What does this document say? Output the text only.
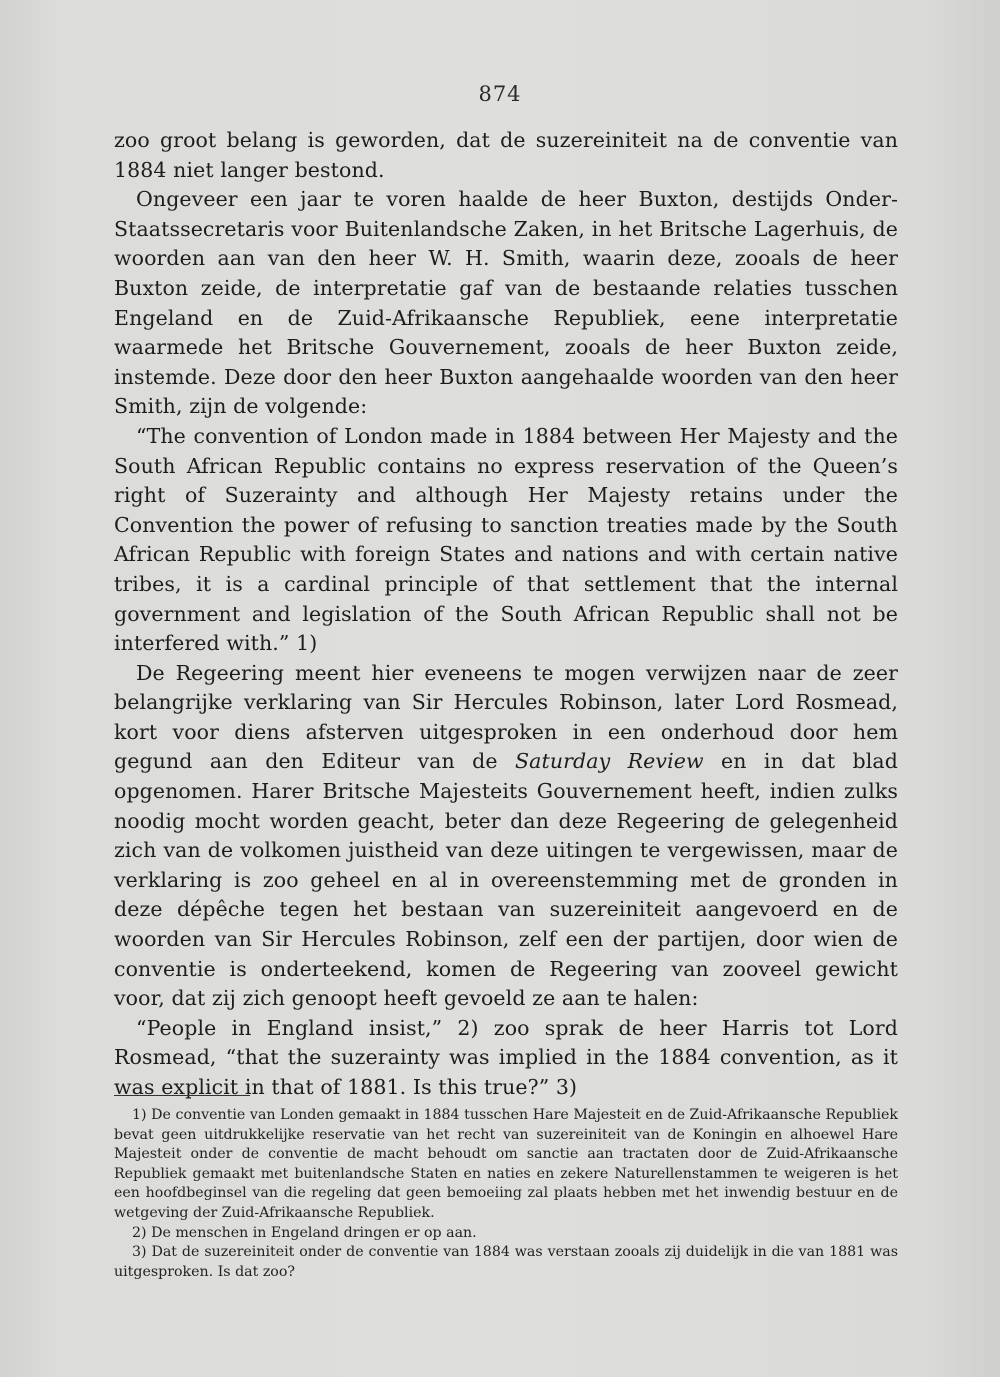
874

zoo groot belang is geworden, dat de suzereiniteit na de conventie van 1884 niet langer bestond.

Ongeveer een jaar te voren haalde de heer Buxton, destijds Onder-Staatssecretaris voor Buitenlandsche Zaken, in het Britsche Lagerhuis, de woorden aan van den heer W. H. Smith, waarin deze, zooals de heer Buxton zeide, de interpretatie gaf van de bestaande relaties tusschen Engeland en de Zuid-Afrikaansche Republiek, eene interpretatie waarmede het Britsche Gouvernement, zooals de heer Buxton zeide, instemde. Deze door den heer Buxton aangehaalde woorden van den heer Smith, zijn de volgende:

“The convention of London made in 1884 between Her Majesty and the South African Republic contains no express reservation of the Queen’s right of Suzerainty and although Her Majesty retains under the Convention the power of refusing to sanction treaties made by the South African Republic with foreign States and nations and with certain native tribes, it is a cardinal principle of that settlement that the internal government and legislation of the South African Republic shall not be interfered with.” 1)

De Regeering meent hier eveneens te mogen verwijzen naar de zeer belangrijke verklaring van Sir Hercules Robinson, later Lord Rosmead, kort voor diens afsterven uitgesproken in een onderhoud door hem gegund aan den Editeur van de Saturday Review en in dat blad opgenomen. Harer Britsche Majesteits Gouvernement heeft, indien zulks noodig mocht worden geacht, beter dan deze Regeering de gelegenheid zich van de volkomen juistheid van deze uitingen te vergewissen, maar de verklaring is zoo geheel en al in overeenstemming met de gronden in deze dépêche tegen het bestaan van suzereiniteit aangevoerd en de woorden van Sir Hercules Robinson, zelf een der partijen, door wien de conventie is onderteekend, komen de Regeering van zooveel gewicht voor, dat zij zich genoopt heeft gevoeld ze aan te halen:

“People in England insist,” 2) zoo sprak de heer Harris tot Lord Rosmead, “that the suzerainty was implied in the 1884 convention, as it was explicit in that of 1881. Is this true?” 3)

1) De conventie van Londen gemaakt in 1884 tusschen Hare Majesteit en de Zuid-Afrikaansche Republiek bevat geen uitdrukkelijke reservatie van het recht van suzereiniteit van de Koningin en alhoewel Hare Majesteit onder de conventie de macht behoudt om sanctie aan tractaten door de Zuid-Afrikaansche Republiek gemaakt met buitenlandsche Staten en naties en zekere Naturellenstammen te weigeren is het een hoofdbeginsel van die regeling dat geen bemoeiing zal plaats hebben met het inwendig bestuur en de wetgeving der Zuid-Afrikaansche Republiek.

2) De menschen in Engeland dringen er op aan.

3) Dat de suzereiniteit onder de conventie van 1884 was verstaan zooals zij duidelijk in die van 1881 was uitgesproken. Is dat zoo?
